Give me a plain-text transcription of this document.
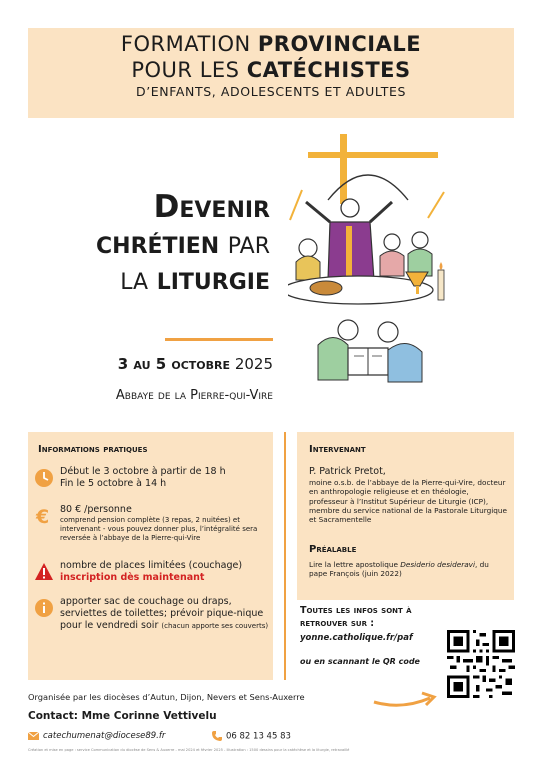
FORMATION PROVINCIALE
POUR LES CATÉCHISTES
D’ENFANTS, ADOLESCENTS ET ADULTES
Devenir
chrétien par
la liturgie
3 au 5 octobre 2025
Abbaye de la Pierre-qui-Vire
Informations pratiques
Début le 3 octobre à partir de 18 h
Fin le 5 octobre à 14 h
€ 80 € /personne
comprend pension complète (3 repas, 2 nuitées) et intervenant - vous pouvez donner plus, l’intégralité sera reversée à l’abbaye de la Pierre-qui-Vire
nombre de places limitées (couchage)
inscription dès maintenant
apporter sac de couchage ou draps, serviettes de toilettes; prévoir pique-nique pour le vendredi soir (chacun apporte ses couverts)
Intervenant
P. Patrick Pretot,
moine o.s.b. de l’abbaye de la Pierre-qui-Vire, docteur en anthropologie religieuse et en théologie, professeur à l’Institut Supérieur de Liturgie (ICP), membre du service national de la Pastorale Liturgique et Sacramentelle
Préalable
Lire la lettre apostolique Desiderio desideravi, du pape François (juin 2022)
Toutes les infos sont à retrouver sur :
yonne.catholique.fr/paf
ou en scannant le QR code
Organisée par les diocèses d’Autun, Dijon, Nevers et Sens-Auxerre
Contact: Mme Corinne Vettivelu
catechumenat@diocese89.fr	06 82 13 45 83
Création et mise en page : service Communication du diocèse de Sens & Auxerre - mai 2024 et février 2025 - Illustration : 1500 dessins pour la catéchèse et la liturgie, retravaillé
